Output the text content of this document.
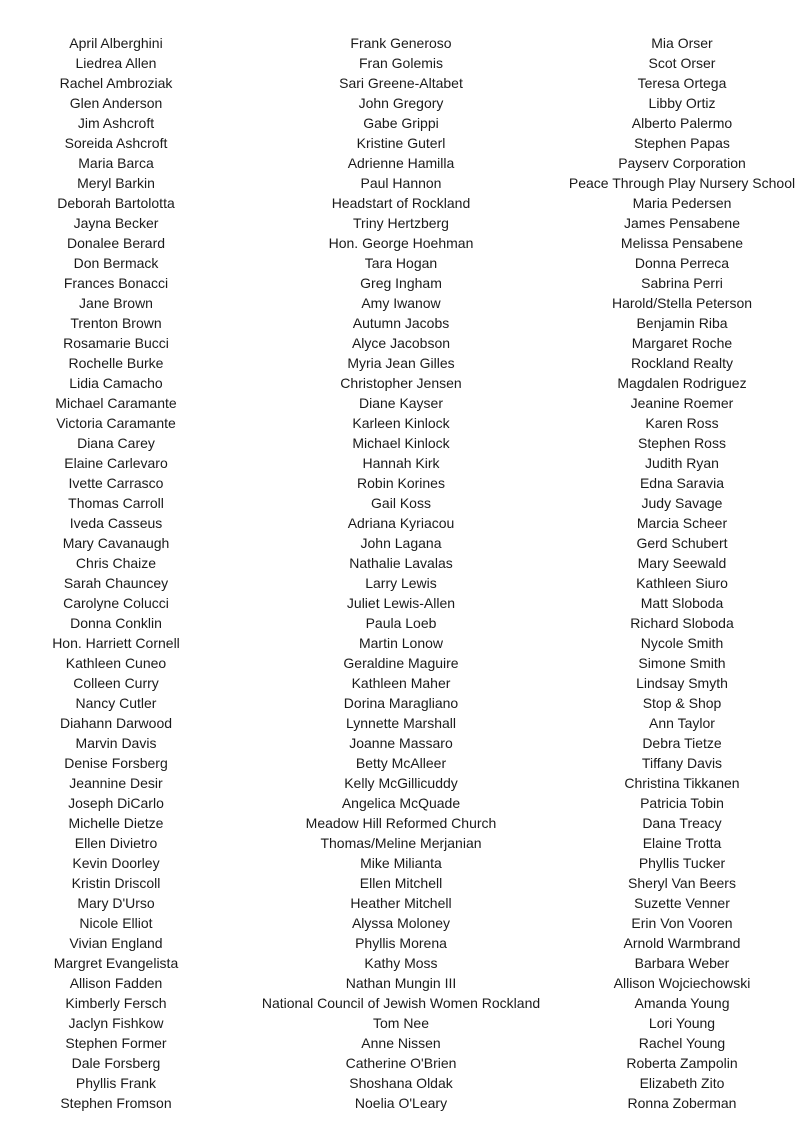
April Alberghini
Liedrea Allen
Rachel Ambroziak
Glen Anderson
Jim Ashcroft
Soreida Ashcroft
Maria Barca
Meryl Barkin
Deborah Bartolotta
Jayna Becker
Donalee Berard
Don Bermack
Frances Bonacci
Jane Brown
Trenton Brown
Rosamarie Bucci
Rochelle Burke
Lidia Camacho
Michael Caramante
Victoria Caramante
Diana Carey
Elaine Carlevaro
Ivette Carrasco
Thomas Carroll
Iveda Casseus
Mary Cavanaugh
Chris Chaize
Sarah Chauncey
Carolyne Colucci
Donna Conklin
Hon. Harriett Cornell
Kathleen Cuneo
Colleen Curry
Nancy Cutler
Diahann Darwood
Marvin Davis
Denise Forsberg
Jeannine Desir
Joseph DiCarlo
Michelle Dietze
Ellen Divietro
Kevin Doorley
Kristin Driscoll
Mary D'Urso
Nicole Elliot
Vivian England
Margret Evangelista
Allison Fadden
Kimberly Fersch
Jaclyn Fishkow
Stephen Former
Dale Forsberg
Phyllis Frank
Stephen Fromson
Frank Generoso
Fran Golemis
Sari Greene-Altabet
John Gregory
Gabe Grippi
Kristine Guterl
Adrienne Hamilla
Paul Hannon
Headstart of Rockland
Triny Hertzberg
Hon. George Hoehman
Tara Hogan
Greg Ingham
Amy Iwanow
Autumn Jacobs
Alyce Jacobson
Myria Jean Gilles
Christopher Jensen
Diane Kayser
Karleen Kinlock
Michael Kinlock
Hannah Kirk
Robin Korines
Gail Koss
Adriana Kyriacou
John Lagana
Nathalie Lavalas
Larry Lewis
Juliet Lewis-Allen
Paula Loeb
Martin Lonow
Geraldine Maguire
Kathleen Maher
Dorina Maragliano
Lynnette Marshall
Joanne Massaro
Betty McAlleer
Kelly McGillicuddy
Angelica McQuade
Meadow Hill Reformed Church
Thomas/Meline Merjanian
Mike Milianta
Ellen Mitchell
Heather Mitchell
Alyssa Moloney
Phyllis Morena
Kathy Moss
Nathan Mungin III
National Council of Jewish Women Rockland
Tom Nee
Anne Nissen
Catherine O'Brien
Shoshana Oldak
Noelia O'Leary
Mia Orser
Scot Orser
Teresa Ortega
Libby Ortiz
Alberto Palermo
Stephen Papas
Payserv Corporation
Peace Through Play Nursery School
Maria Pedersen
James Pensabene
Melissa Pensabene
Donna Perreca
Sabrina Perri
Harold/Stella Peterson
Benjamin Riba
Margaret Roche
Rockland Realty
Magdalen Rodriguez
Jeanine Roemer
Karen Ross
Stephen Ross
Judith Ryan
Edna Saravia
Judy Savage
Marcia Scheer
Gerd Schubert
Mary Seewald
Kathleen Siuro
Matt Sloboda
Richard Sloboda
Nycole Smith
Simone Smith
Lindsay Smyth
Stop & Shop
Ann Taylor
Debra Tietze
Tiffany Davis
Christina Tikkanen
Patricia Tobin
Dana Treacy
Elaine Trotta
Phyllis Tucker
Sheryl Van Beers
Suzette Venner
Erin Von Vooren
Arnold Warmbrand
Barbara Weber
Allison Wojciechowski
Amanda Young
Lori Young
Rachel Young
Roberta Zampolin
Elizabeth Zito
Ronna Zoberman
